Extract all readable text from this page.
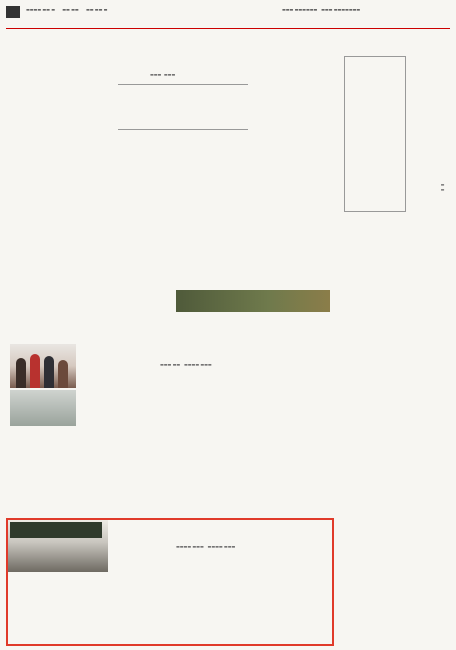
▬▬▬▬ ▬▬ ▬ ▬▬ ▬▬ ▬▬ ▬▬ ▬	▬▬▬ ▬▬▬▬▬▬   ▬▬▬ ▬▬▬▬▬▬▬
▬▬▬  ▬▬▬
▬▬
▬▬▬ ▬▬   ▬▬▬▬ ▬▬▬
▬▬▬▬ ▬▬▬   ▬▬▬▬ ▬▬▬
